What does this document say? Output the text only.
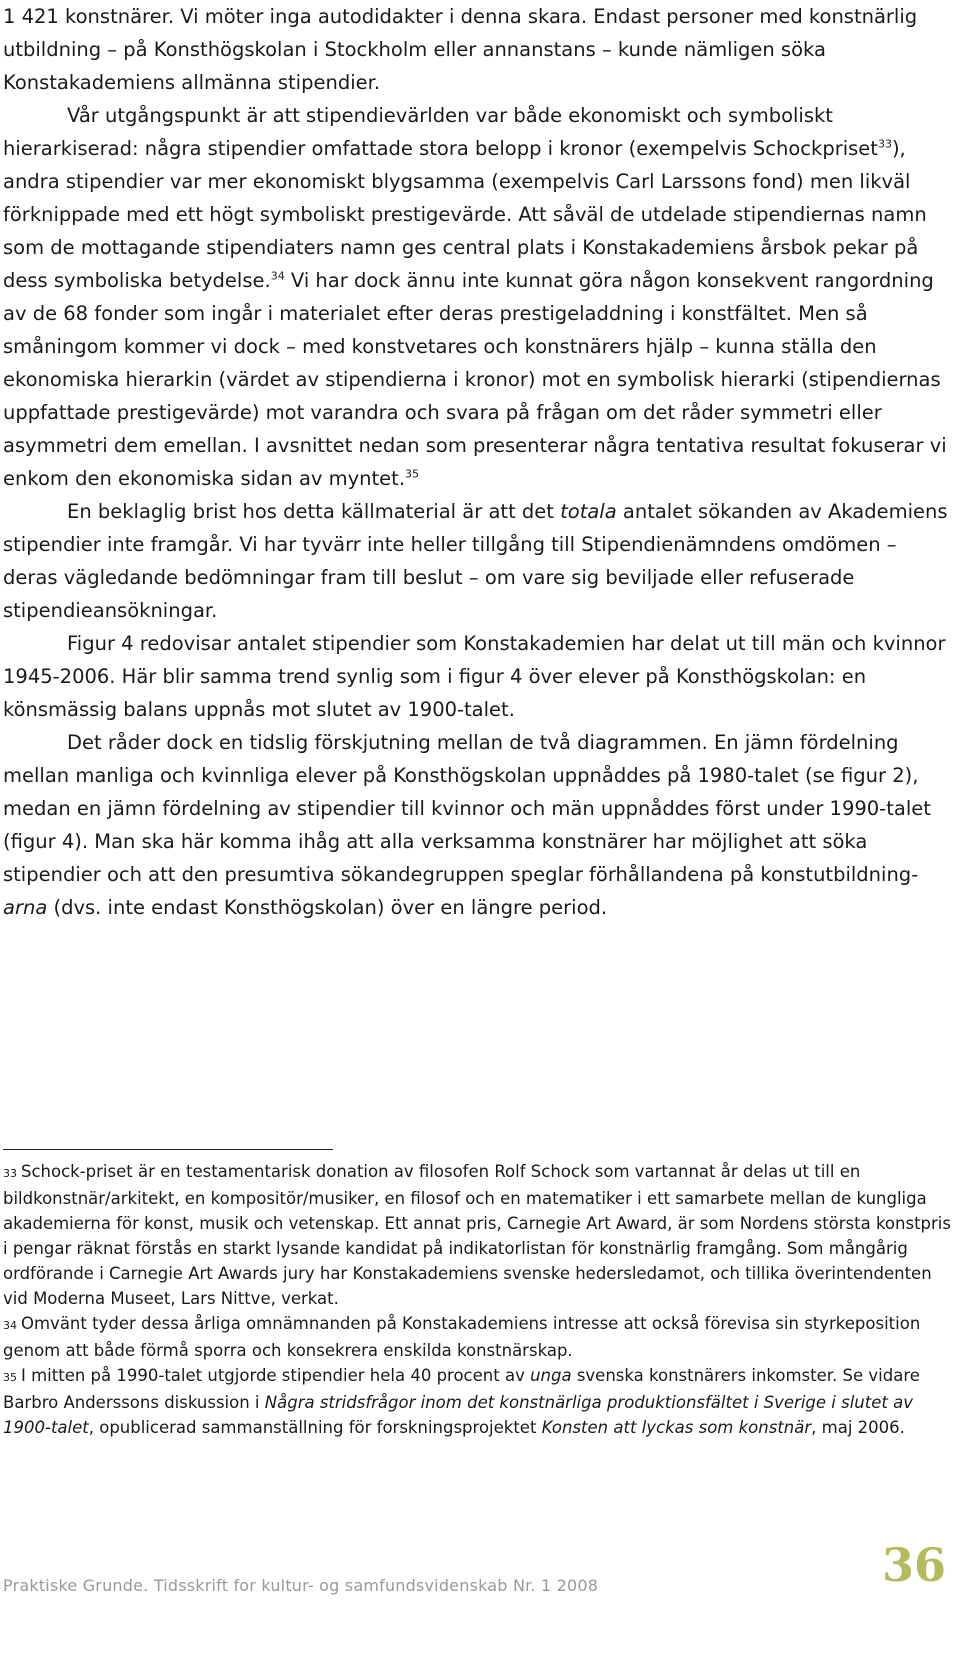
1 421 konstnärer. Vi möter inga autodidakter i denna skara. Endast personer med konstnärlig utbildning – på Konsthögskolan i Stockholm eller annanstans – kunde nämligen söka Konstakademiens allmänna stipendier.

Vår utgångspunkt är att stipendievärlden var både ekonomiskt och symboliskt hierarkiserad: några stipendier omfattade stora belopp i kronor (exempelvis Schockpriset$^{33}$), andra stipendier var mer ekonomiskt blygsamma (exempelvis Carl Larssons fond) men likväl förknippade med ett högt symboliskt prestigevärde. Att såväl de utdelade stipendiernas namn som de mottagande stipendiaters namn ges central plats i Konstakademiens årsbok pekar på dess symboliska betydelse.$^{34}$ Vi har dock ännu inte kunnat göra någon konsekvent rangordning av de 68 fonder som ingår i materialet efter deras prestigeladdning i konstfältet. Men så småningom kommer vi dock – med konstvetares och konstnärers hjälp – kunna ställa den ekonomiska hierarkin (värdet av stipendierna i kronor) mot en symbolisk hierarki (stipendiernas uppfattade prestigevärde) mot varandra och svara på frågan om det råder symmetri eller asymmetri dem emellan. I avsnittet nedan som presenterar några tentativa resultat fokuserar vi enkom den ekonomiska sidan av myntet.$^{35}$

En beklaglig brist hos detta källmaterial är att det totala antalet sökanden av Akademiens stipendier inte framgår. Vi har tyvärr inte heller tillgång till Stipendienämndens omdömen – deras vägledande bedömningar fram till beslut – om vare sig beviljade eller refuserade stipendieansökningar.

Figur 4 redovisar antalet stipendier som Konstakademien har delat ut till män och kvinnor 1945-2006. Här blir samma trend synlig som i figur 4 över elever på Konsthögskolan: en könsmässig balans uppnås mot slutet av 1900-talet.

Det råder dock en tidslig förskjutning mellan de två diagrammen. En jämn fördelning mellan manliga och kvinnliga elever på Konsthögskolan uppnåddes på 1980-talet (se figur 2), medan en jämn fördelning av stipendier till kvinnor och män uppnåddes först under 1990-talet (figur 4). Man ska här komma ihåg att alla verksamma konstnärer har möjlighet att söka stipendier och att den presumtiva sökandegruppen speglar förhållandena på konstutbildning-arna (dvs. inte endast Konsthögskolan) över en längre period.

33 Schock-priset är en testamentarisk donation av filosofen Rolf Schock som vartannat år delas ut till en bildkonstnär/arkitekt, en kompositör/musiker, en filosof och en matematiker i ett samarbete mellan de kungliga akademierna för konst, musik och vetenskap. Ett annat pris, Carnegie Art Award, är som Nordens största konstpris i pengar räknat förstås en starkt lysande kandidat på indikatorlistan för konstnärlig framgång. Som mångårig ordförande i Carnegie Art Awards jury har Konstakademiens svenske hedersledamot, och tillika överintendenten vid Moderna Museet, Lars Nittve, verkat.

34 Omvänt tyder dessa årliga omnämnanden på Konstakademiens intresse att också förevisa sin styrkeposition genom att både förmå sporra och konsekrera enskilda konstnärskap.

35 I mitten på 1990-talet utgjorde stipendier hela 40 procent av unga svenska konstnärers inkomster. Se vidare Barbro Anderssons diskussion i Några stridsfrågor inom det konstnärliga produktionsfältet i Sverige i slutet av 1900-talet, opublicerad sammanställning för forskningsprojektet Konsten att lyckas som konstnär, maj 2006.

Praktiske Grunde. Tidsskrift for kultur- og samfundsvidenskab Nr. 1 2008	36
